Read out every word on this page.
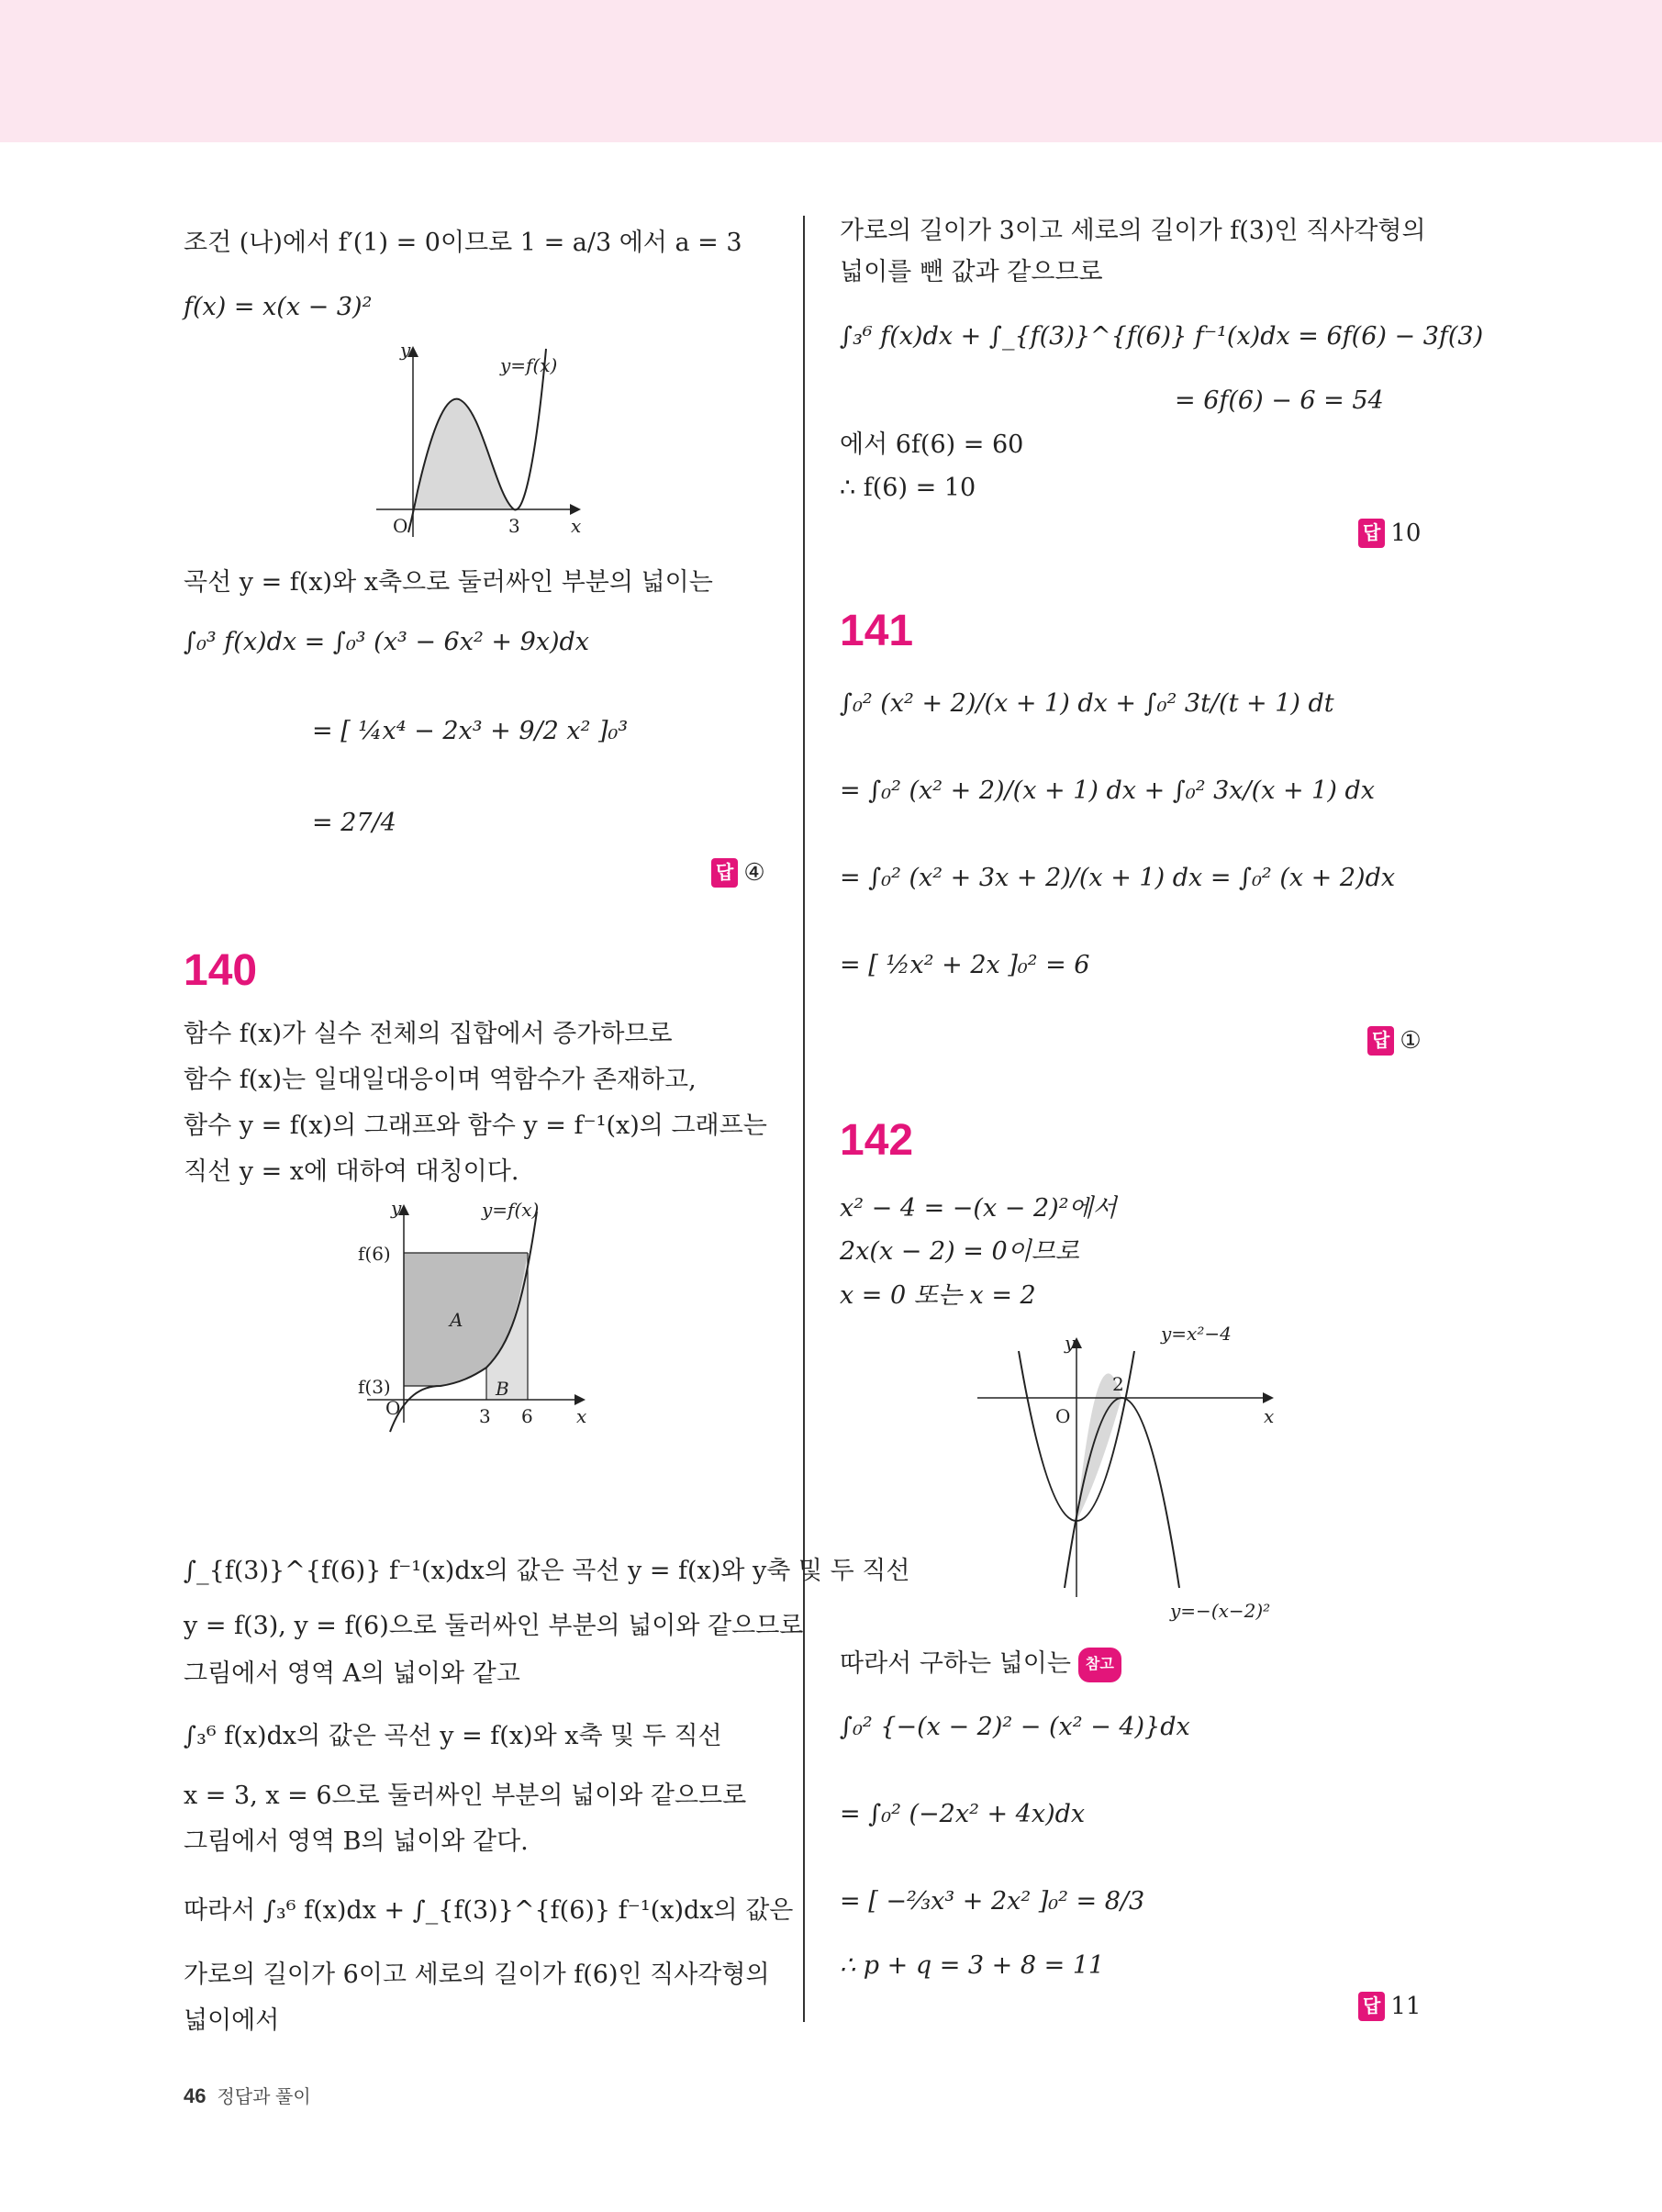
조건 (나)에서 f′(1) = 0이므로 1 = a/3 에서 a = 3
f(x) = x(x − 3)²
y
x
O	3
y=f(x)
곡선 y = f(x)와 x축으로 둘러싸인 부분의 넓이는
∫₀³ f(x)dx = ∫₀³ (x³ − 6x² + 9x)dx
= [ ¼x⁴ − 2x³ + 9/2 x² ]₀³
= 27/4
답 ④
140
함수 f(x)가 실수 전체의 집합에서 증가하므로
함수 f(x)는 일대일대응이며 역함수가 존재하고,
함수 y = f(x)의 그래프와 함수 y = f⁻¹(x)의 그래프는
직선 y = x에 대하여 대칭이다.
y
x
O
y=f(x)
f(6)
f(3)
A
B
3 6
∫_{f(3)}^{f(6)} f⁻¹(x)dx의 값은 곡선 y = f(x)와 y축 및 두 직선
y = f(3), y = f(6)으로 둘러싸인 부분의 넓이와 같으므로
그림에서 영역 A의 넓이와 같고
∫₃⁶ f(x)dx의 값은 곡선 y = f(x)와 x축 및 두 직선
x = 3, x = 6으로 둘러싸인 부분의 넓이와 같으므로
그림에서 영역 B의 넓이와 같다.
따라서 ∫₃⁶ f(x)dx + ∫_{f(3)}^{f(6)} f⁻¹(x)dx의 값은
가로의 길이가 6이고 세로의 길이가 f(6)인 직사각형의
넓이에서
가로의 길이가 3이고 세로의 길이가 f(3)인 직사각형의
넓이를 뺀 값과 같으므로
∫₃⁶ f(x)dx + ∫_{f(3)}^{f(6)} f⁻¹(x)dx = 6f(6) − 3f(3)
= 6f(6) − 6 = 54
에서 6f(6) = 60
∴ f(6) = 10
답 10
141
∫₀² (x² + 2)/(x + 1) dx + ∫₀² 3t/(t + 1) dt
= ∫₀² (x² + 2)/(x + 1) dx + ∫₀² 3x/(x + 1) dx
= ∫₀² (x² + 3x + 2)/(x + 1) dx = ∫₀² (x + 2)dx
= [ ½x² + 2x ]₀² = 6
답 ①
142
x² − 4 = −(x − 2)²에서
2x(x − 2) = 0이므로
x = 0 또는 x = 2
y
x
O
2
y=x²−4
y=−(x−2)²
따라서 구하는 넓이는 참고
∫₀² {−(x − 2)² − (x² − 4)}dx
= ∫₀² (−2x² + 4x)dx
= [ −⅔x³ + 2x² ]₀² = 8/3
∴ p + q = 3 + 8 = 11
답 11
46 정답과 풀이
